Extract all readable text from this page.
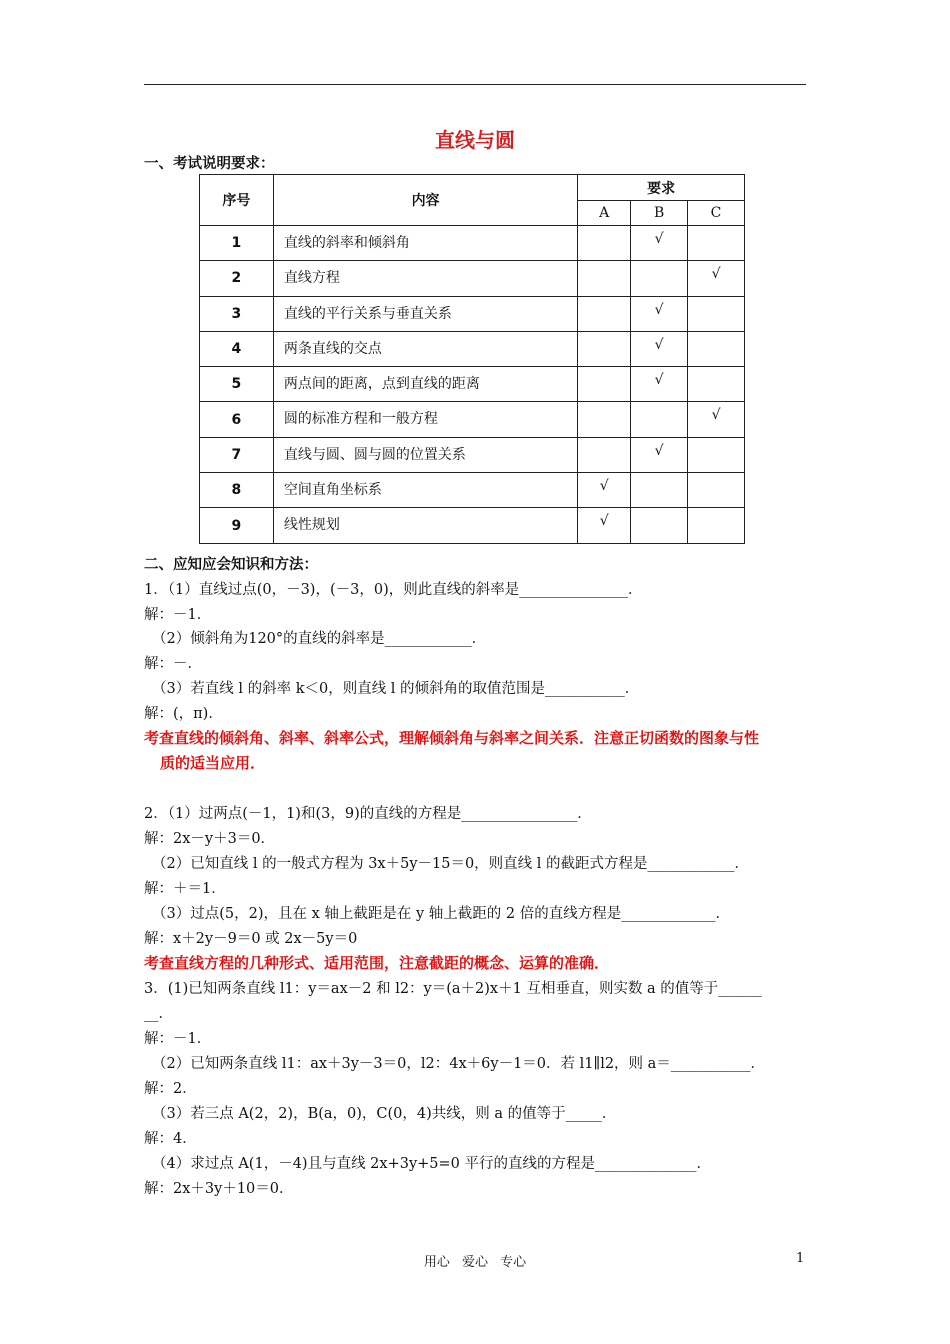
直线与圆
一、考试说明要求：
序号	内容	要求		
		A	B	C
1	直线的斜率和倾斜角		√	
2	直线方程			√
3	直线的平行关系与垂直关系		√	
4	两条直线的交点		√	
5	两点间的距离，点到直线的距离		√	
6	圆的标准方程和一般方程			√
7	直线与圆、圆与圆的位置关系		√	
8	空间直角坐标系	√		
9	线性规划	√		
二、应知应会知识和方法：
1．（1）直线过点(0，－3)，(－3，0)，则此直线的斜率是_______________．
解：－1．
（2）倾斜角为120°的直线的斜率是____________．
解：－．
（3）若直线 l 的斜率 k＜0，则直线 l 的倾斜角的取值范围是___________．
解：(，π)．
2．（1）过两点(－1，1)和(3，9)的直线的方程是________________．
解：2x－y＋3＝0．
（2）已知直线 l 的一般式方程为 3x＋5y－15＝0，则直线 l 的截距式方程是____________．
解：＋＝1．
（3）过点(5，2)，且在 x 轴上截距是在 y 轴上截距的 2 倍的直线方程是_____________．
解：x＋2y－9＝0 或 2x－5y＝0
3．(1)已知两条直线 l1：y＝ax－2 和 l2：y＝(a＋2)x＋1 互相垂直，则实数 a 的值等于______
__．
解：－1．
（2）已知两条直线 l1：ax＋3y－3＝0，l2：4x＋6y－1＝0．若 l1∥l2，则 a＝___________．
解：2．
（3）若三点 A(2，2)，B(a，0)，C(0，4)共线，则 a 的值等于_____．
解：4．
（4）求过点 A(1，－4)且与直线 2x+3y+5=0 平行的直线的方程是______________．
解：2x＋3y＋10＝0．
考查直线的倾斜角、斜率、斜率公式，理解倾斜角与斜率之间关系．注意正切函数的图象与性
质的适当应用．
考查直线方程的几种形式、适用范围，注意截距的概念、运算的准确．
用心 爱心 专心	1
